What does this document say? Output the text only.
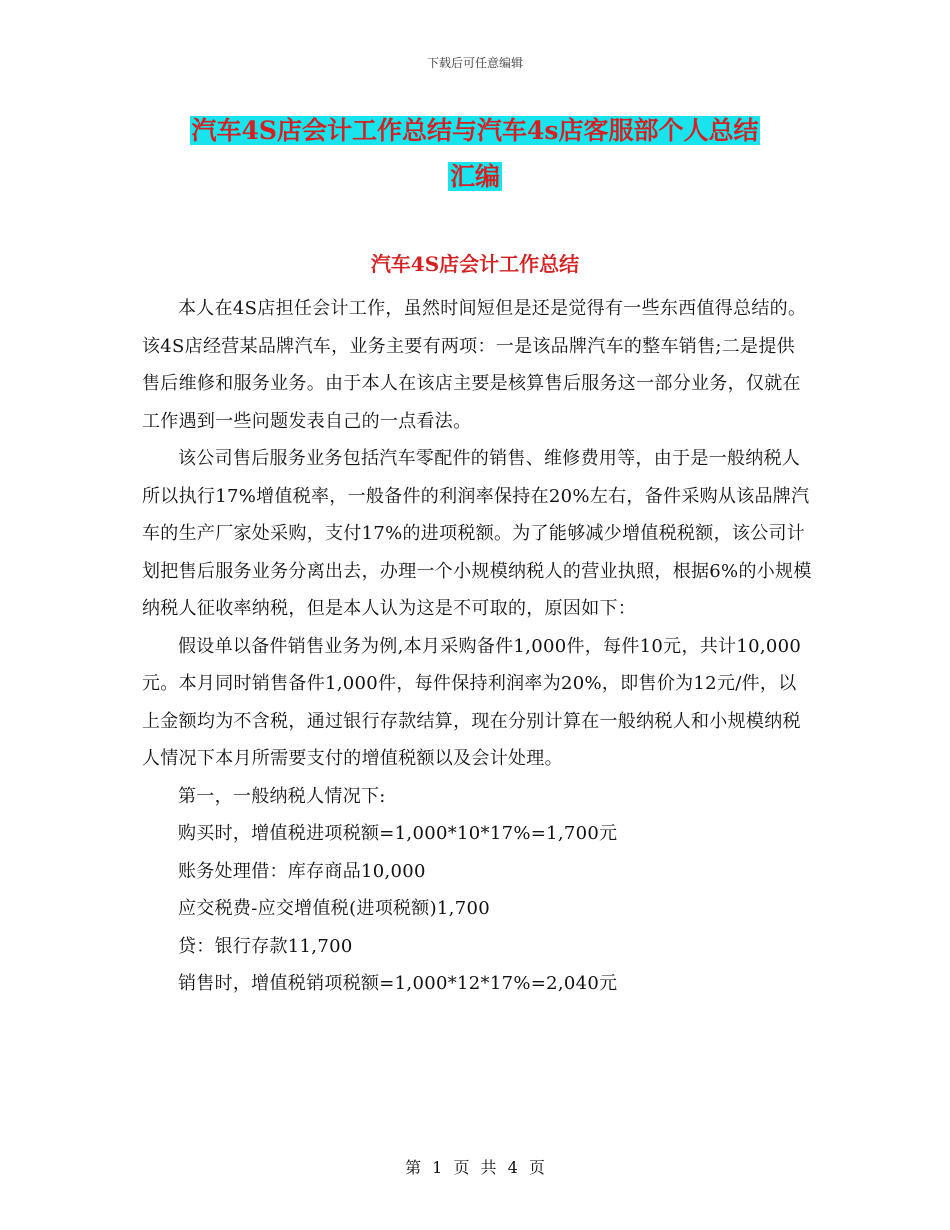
下载后可任意编辑
汽车4S店会计工作总结与汽车4s店客服部个人总结
汇编
汽车4S店会计工作总结

本人在4S店担任会计工作，虽然时间短但是还是觉得有一些东西值得总结的。该4S店经营某品牌汽车，业务主要有两项：一是该品牌汽车的整车销售;二是提供售后维修和服务业务。由于本人在该店主要是核算售后服务这一部分业务，仅就在工作遇到一些问题发表自己的一点看法。

该公司售后服务业务包括汽车零配件的销售、维修费用等，由于是一般纳税人所以执行17%增值税率，一般备件的利润率保持在20%左右，备件采购从该品牌汽车的生产厂家处采购，支付17%的进项税额。为了能够减少增值税税额，该公司计划把售后服务业务分离出去，办理一个小规模纳税人的营业执照，根据6%的小规模纳税人征收率纳税，但是本人认为这是不可取的，原因如下：

假设单以备件销售业务为例,本月采购备件1,000件，每件10元，共计10,000元。本月同时销售备件1,000件，每件保持利润率为20%，即售价为12元/件，以上金额均为不含税，通过银行存款结算，现在分别计算在一般纳税人和小规模纳税人情况下本月所需要支付的增值税额以及会计处理。

第一，一般纳税人情况下:
购买时，增值税进项税额=1,000*10*17%=1,700元
账务处理借：库存商品10,000
应交税费-应交增值税(进项税额)1,700
贷：银行存款11,700
销售时，增值税销项税额=1,000*12*17%=2,040元
第 1 页 共 4 页
